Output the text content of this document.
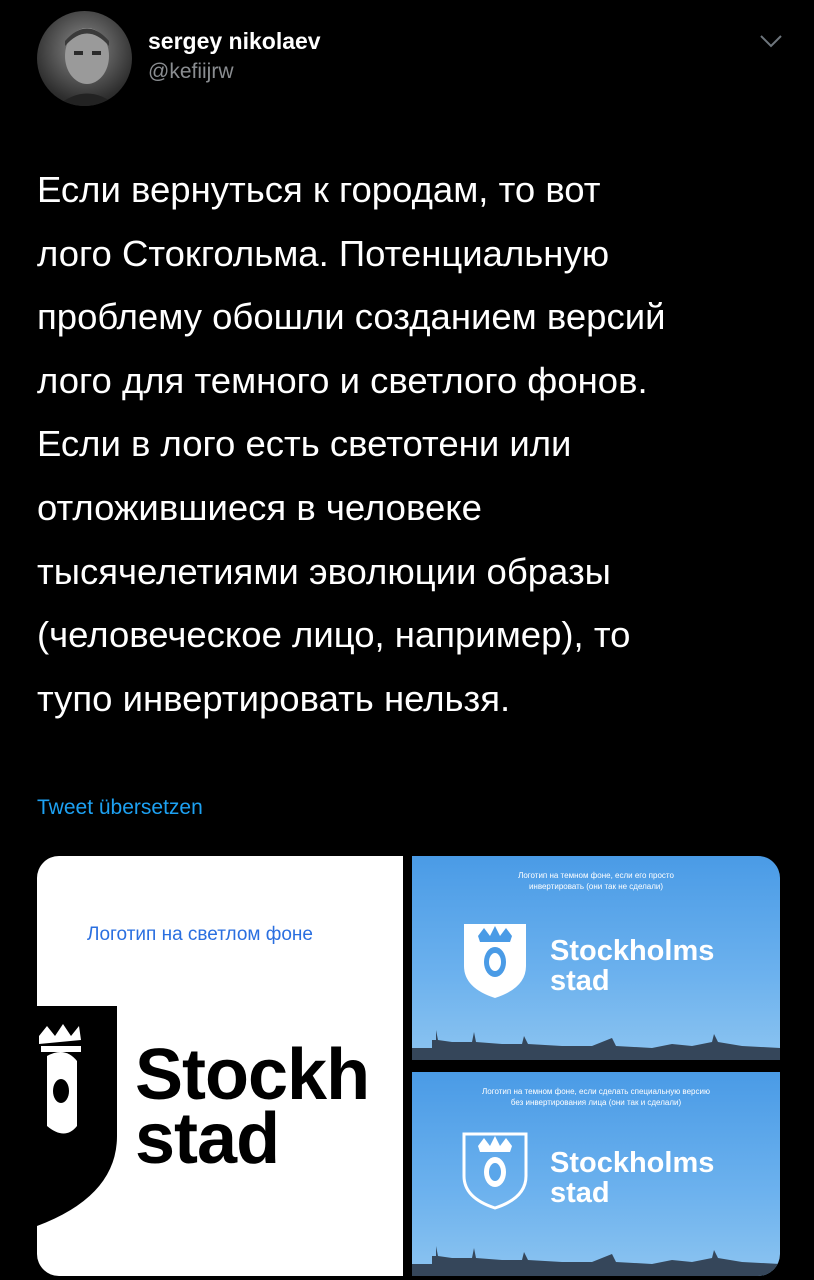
sergey nikolaev
@kefiijrw
Если вернуться к городам, то вот
лого Стокгольма. Потенциальную
проблему обошли созданием версий
лого для темного и светлого фонов.
Если в лого есть светотени или
отложившиеся в человеке
тысячелетиями эволюции образы
(человеческое лицо, например), то
тупо инвертировать нельзя.
Tweet übersetzen
Логотип на светлом фоне
Stockh
stad
Логотип на темном фоне, если его просто
инвертировать (они так не сделали)
Stockholms
stad
Логотип на темном фоне, если сделать специальную версию
без инвертирования лица (они так и сделали)
Stockholms
stad
